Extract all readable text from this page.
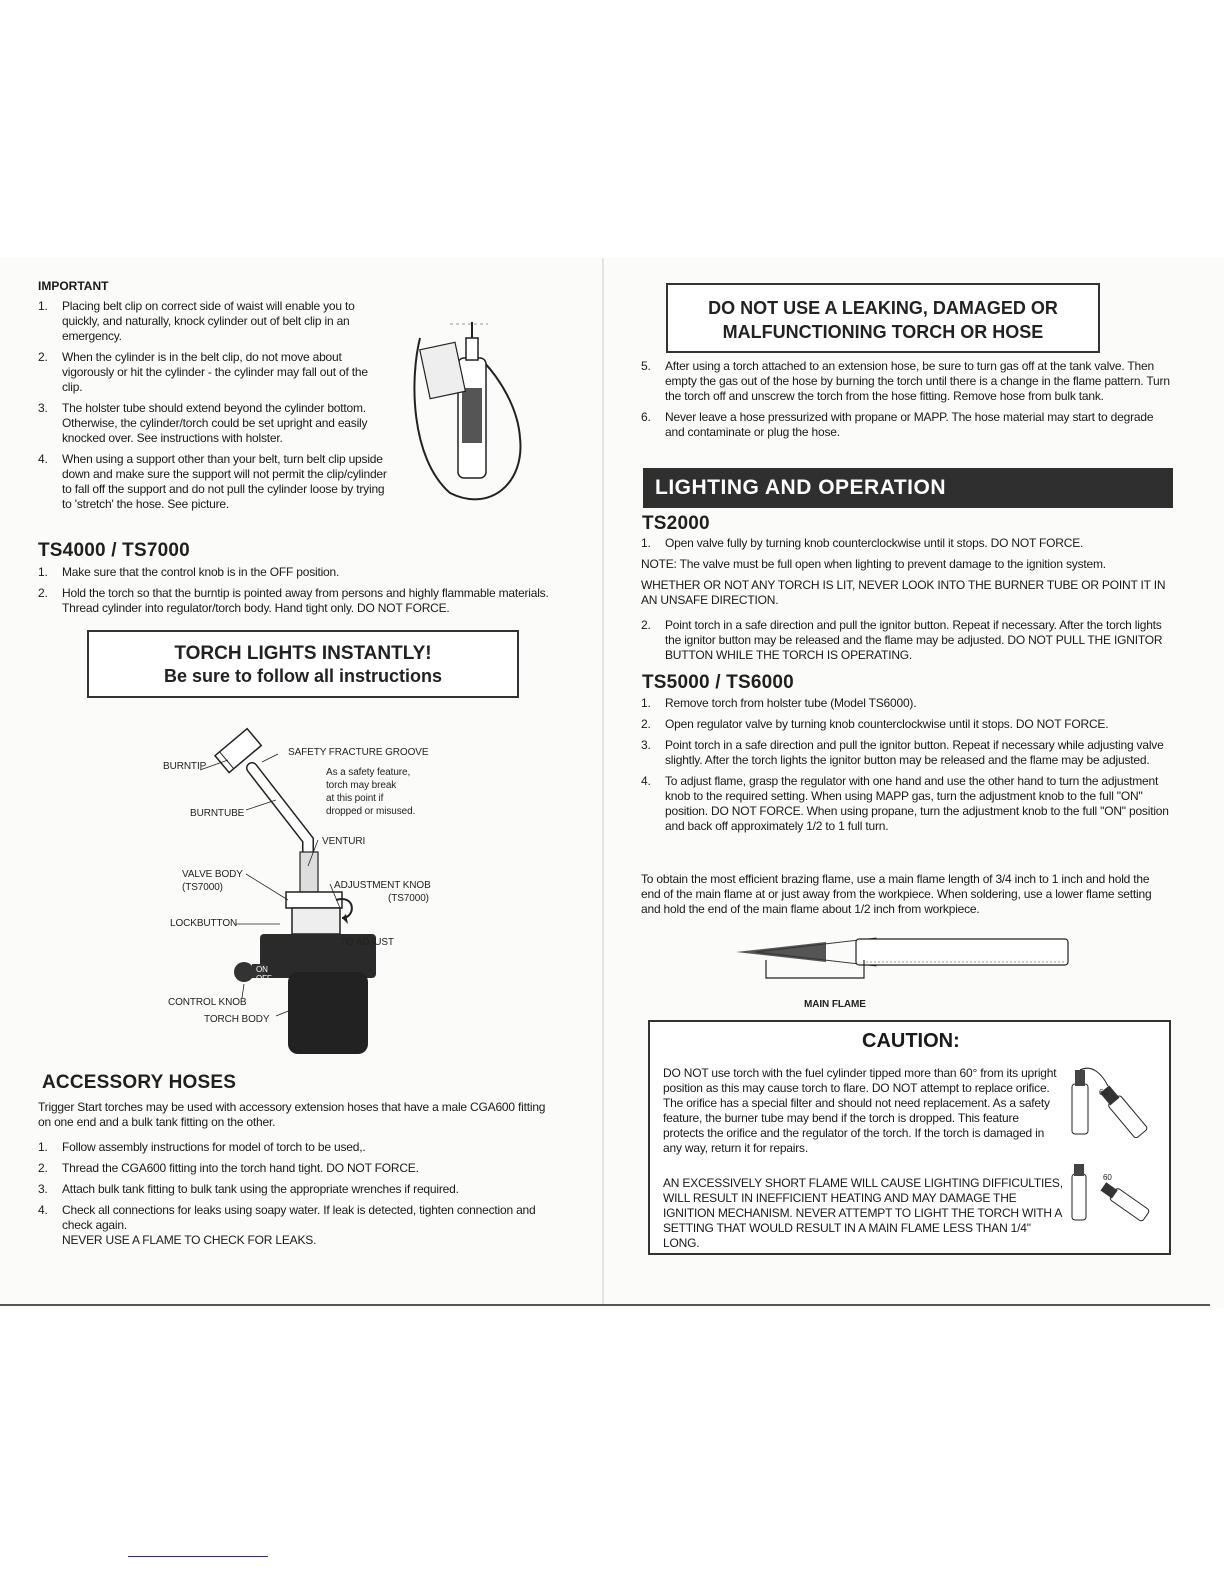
IMPORTANT
1. Placing belt clip on correct side of waist will enable you to quickly, and naturally, knock cylinder out of belt clip in an emergency.
2. When the cylinder is in the belt clip, do not move about vigorously or hit the cylinder - the cylinder may fall out of the clip.
3. The holster tube should extend beyond the cylinder bottom. Otherwise, the cylinder/torch could be set upright and easily knocked over. See instructions with holster.
4. When using a support other than your belt, turn belt clip upside down and make sure the support will not permit the clip/cylinder to fall off the support and do not pull the cylinder loose by trying to 'stretch' the hose. See picture.
TS4000 / TS7000
1. Make sure that the control knob is in the OFF position.
2. Hold the torch so that the burntip is pointed away from persons and highly flammable materials. Thread cylinder into regulator/torch body. Hand tight only. DO NOT FORCE.
TORCH LIGHTS INSTANTLY!
Be sure to follow all instructions
BURNTIP
SAFETY FRACTURE GROOVE
As a safety feature,
torch may break
at this point if
dropped or misused.
BURNTUBE
VENTURI
VALVE BODY
(TS7000)	ADJUSTMENT KNOB
(TS7000)
LOCKBUTTON
TO ADJUST
ON
OFF
CONTROL KNOB
TORCH BODY
ACCESSORY HOSES
Trigger Start torches may be used with accessory extension hoses that have a male CGA600 fitting on one end and a bulk tank fitting on the other.
1. Follow assembly instructions for model of torch to be used,.
2. Thread the CGA600 fitting into the torch hand tight. DO NOT FORCE.
3. Attach bulk tank fitting to bulk tank using the appropriate wrenches if required.
4. Check all connections for leaks using soapy water. If leak is detected, tighten connection and check again.
NEVER USE A FLAME TO CHECK FOR LEAKS.
DO NOT USE A LEAKING, DAMAGED OR
MALFUNCTIONING TORCH OR HOSE
5. After using a torch attached to an extension hose, be sure to turn gas off at the tank valve. Then empty the gas out of the hose by burning the torch until there is a change in the flame pattern. Turn the torch off and unscrew the torch from the hose fitting. Remove hose from bulk tank.
6. Never leave a hose pressurized with propane or MAPP. The hose material may start to degrade and contaminate or plug the hose.
LIGHTING AND OPERATION
TS2000
1. Open valve fully by turning knob counterclockwise until it stops. DO NOT FORCE.
NOTE: The valve must be full open when lighting to prevent damage to the ignition system.
WHETHER OR NOT ANY TORCH IS LIT, NEVER LOOK INTO THE BURNER TUBE OR POINT IT IN AN UNSAFE DIRECTION.
2. Point torch in a safe direction and pull the ignitor button. Repeat if necessary. After the torch lights the ignitor button may be released and the flame may be adjusted. DO NOT PULL THE IGNITOR BUTTON WHILE THE TORCH IS OPERATING.
TS5000 / TS6000
1. Remove torch from holster tube (Model TS6000).
2. Open regulator valve by turning knob counterclockwise until it stops. DO NOT FORCE.
3. Point torch in a safe direction and pull the ignitor button. Repeat if necessary while adjusting valve slightly. After the torch lights the ignitor button may be released and the flame may be adjusted.
4. To adjust flame, grasp the regulator with one hand and use the other hand to turn the adjustment knob to the required setting. When using MAPP gas, turn the adjustment knob to the full "ON" position. DO NOT FORCE. When using propane, turn the adjustment knob to the full "ON" position and back off approximately 1/2 to 1 full turn.
To obtain the most efficient brazing flame, use a main flame length of 3/4 inch to 1 inch and hold the end of the main flame at or just away from the workpiece. When soldering, use a lower flame setting and hold the end of the main flame about 1/2 inch from workpiece.
MAIN FLAME
CAUTION:
DO NOT use torch with the fuel cylinder tipped more than 60° from its upright position as this may cause torch to flare. DO NOT attempt to replace orifice. The orifice has a special filter and should not need replacement. As a safety feature, the burner tube may bend if the torch is dropped. This feature protects the orifice and the regulator of the torch. If the torch is damaged in any way, return it for repairs.
AN EXCESSIVELY SHORT FLAME WILL CAUSE LIGHTING DIFFICULTIES, WILL RESULT IN INEFFICIENT HEATING AND MAY DAMAGE THE IGNITION MECHANISM. NEVER ATTEMPT TO LIGHT THE TORCH WITH A SETTING THAT WOULD RESULT IN A MAIN FLAME LESS THAN 1/4" LONG.
60
60
